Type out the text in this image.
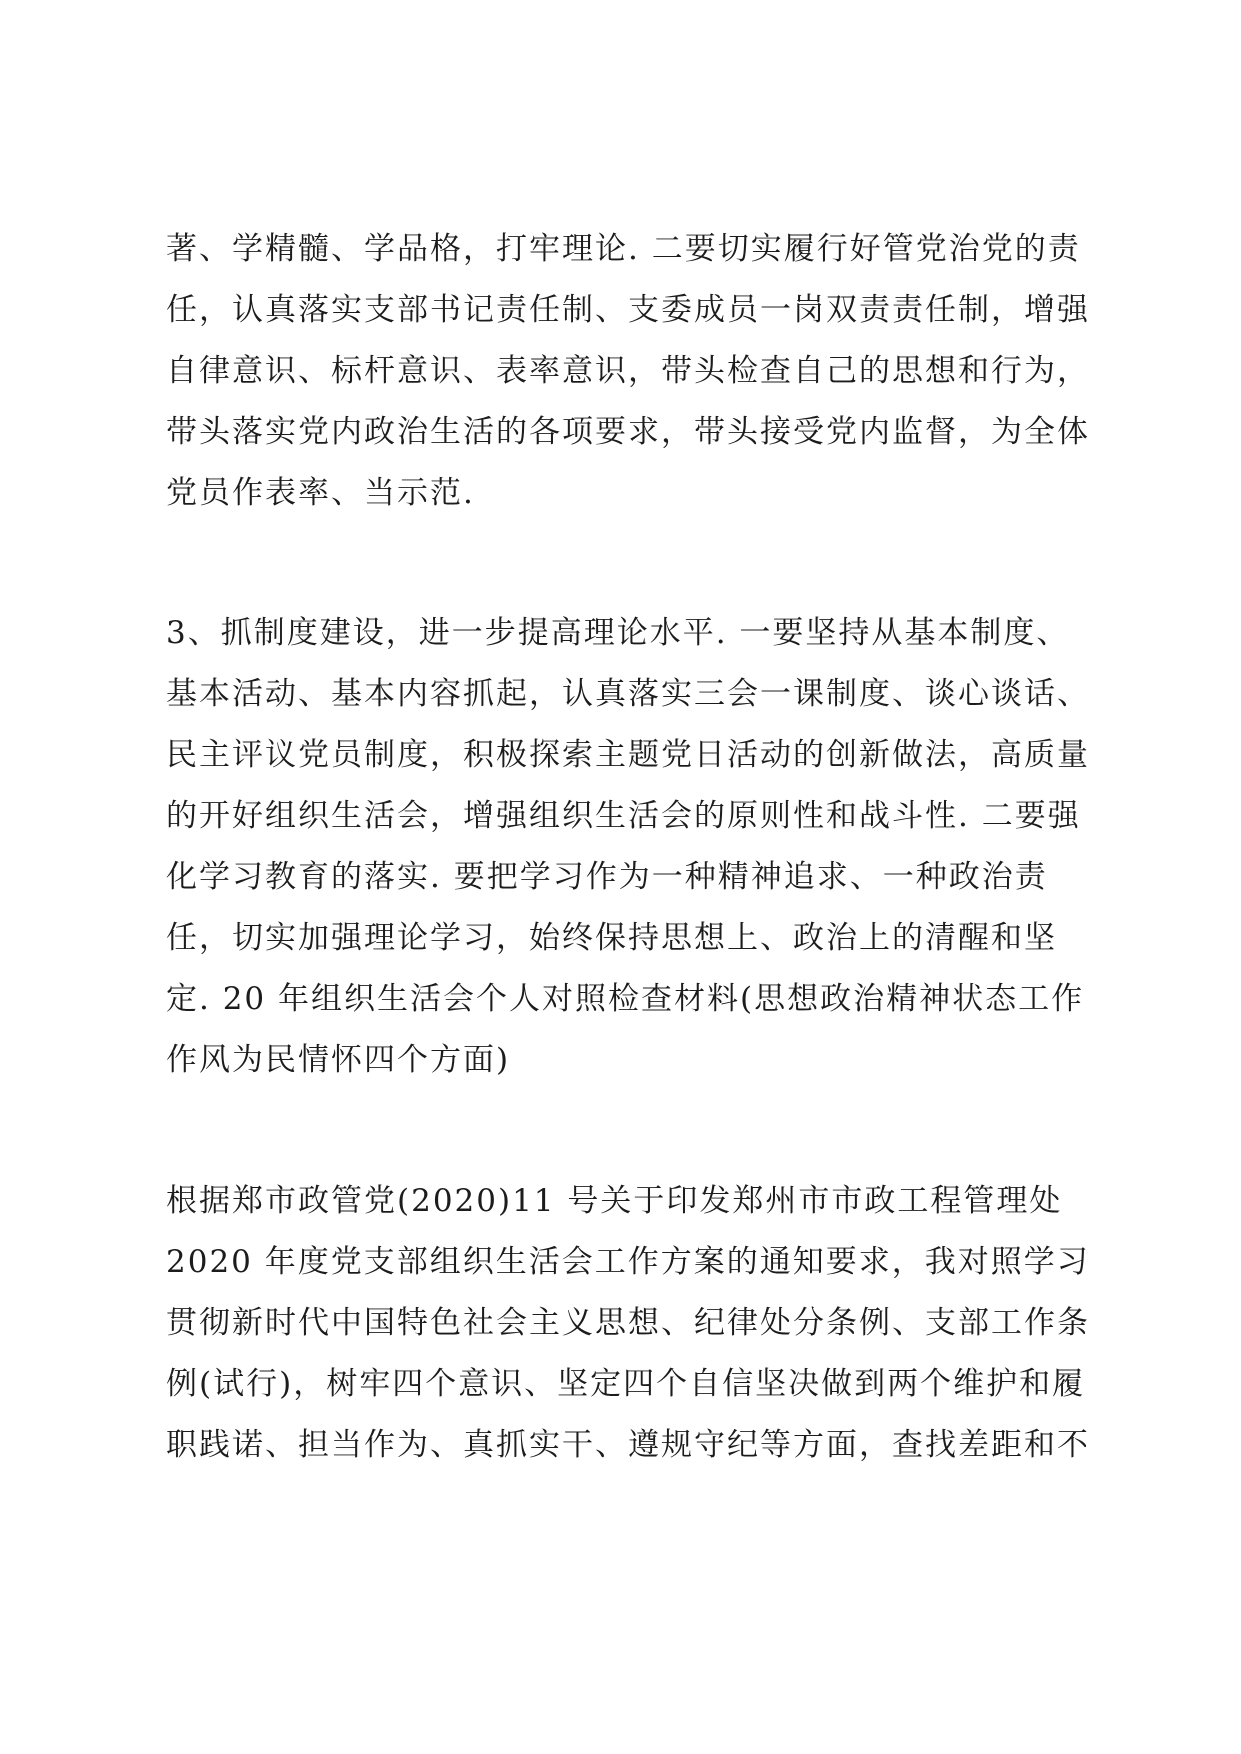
著、学精髓、学品格，打牢理论. 二要切实履行好管党治党的责
任，认真落实支部书记责任制、支委成员一岗双责责任制，增强
自律意识、标杆意识、表率意识，带头检查自己的思想和行为，
带头落实党内政治生活的各项要求，带头接受党内监督，为全体
党员作表率、当示范.
3、抓制度建设，进一步提高理论水平. 一要坚持从基本制度、
基本活动、基本内容抓起，认真落实三会一课制度、谈心谈话、
民主评议党员制度，积极探索主题党日活动的创新做法，高质量
的开好组织生活会，增强组织生活会的原则性和战斗性. 二要强
化学习教育的落实. 要把学习作为一种精神追求、一种政治责
任，切实加强理论学习，始终保持思想上、政治上的清醒和坚
定. 20 年组织生活会个人对照检查材料(思想政治精神状态工作
作风为民情怀四个方面)
根据郑市政管党(2020)11 号关于印发郑州市市政工程管理处
2020 年度党支部组织生活会工作方案的通知要求，我对照学习
贯彻新时代中国特色社会主义思想、纪律处分条例、支部工作条
例(试行)，树牢四个意识、坚定四个自信坚决做到两个维护和履
职践诺、担当作为、真抓实干、遵规守纪等方面，查找差距和不
